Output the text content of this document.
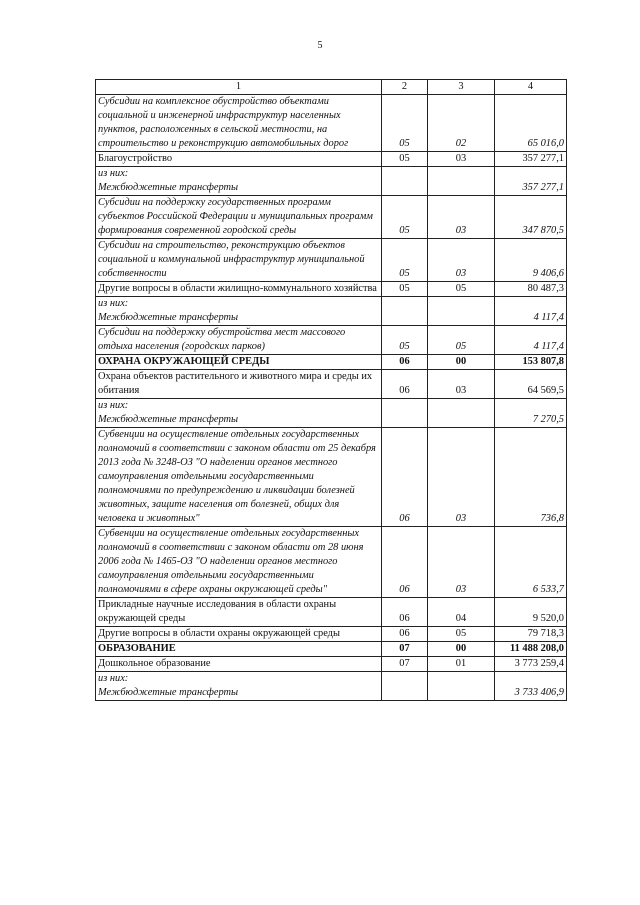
5
1	2	3	4
Субсидии на комплексное обустройство объектами социальной и инженерной инфраструктур населенных пунктов, расположенных в сельской местности, на строительство и реконструкцию автомобильных дорог	05	02	65 016,0
Благоустройство	05	03	357 277,1
из них:			
Межбюджетные трансферты			357 277,1
Субсидии на поддержку государственных программ субъектов Российской Федерации и муниципальных программ формирования современной городской среды	05	03	347 870,5
Субсидии на строительство, реконструкцию объектов социальной и коммунальной инфраструктур муниципальной собственности	05	03	9 406,6
Другие вопросы в области жилищно-коммунального хозяйства	05	05	80 487,3
из них:			
Межбюджетные трансферты			4 117,4
Субсидии на поддержку обустройства мест массового отдыха населения (городских парков)	05	05	4 117,4
ОХРАНА ОКРУЖАЮЩЕЙ СРЕДЫ	06	00	153 807,8
Охрана объектов растительного и животного мира и среды их обитания	06	03	64 569,5
из них:			
Межбюджетные трансферты			7 270,5
Субвенции на осуществление отдельных государственных полномочий в соответствии с законом области от 25 декабря 2013 года № 3248-ОЗ "О наделении органов местного самоуправления отдельными государственными полномочиями по предупреждению и ликвидации болезней животных, защите населения от болезней, общих для человека и животных"	06	03	736,8
Субвенции на осуществление отдельных государственных полномочий в соответствии с законом области от 28 июня 2006 года № 1465-ОЗ "О наделении органов местного самоуправления отдельными государственными полномочиями в сфере охраны окружающей среды"	06	03	6 533,7
Прикладные научные исследования в области охраны окружающей среды	06	04	9 520,0
Другие вопросы в области охраны окружающей среды	06	05	79 718,3
ОБРАЗОВАНИЕ	07	00	11 488 208,0
Дошкольное образование	07	01	3 773 259,4
из них:			
Межбюджетные трансферты			3 733 406,9
